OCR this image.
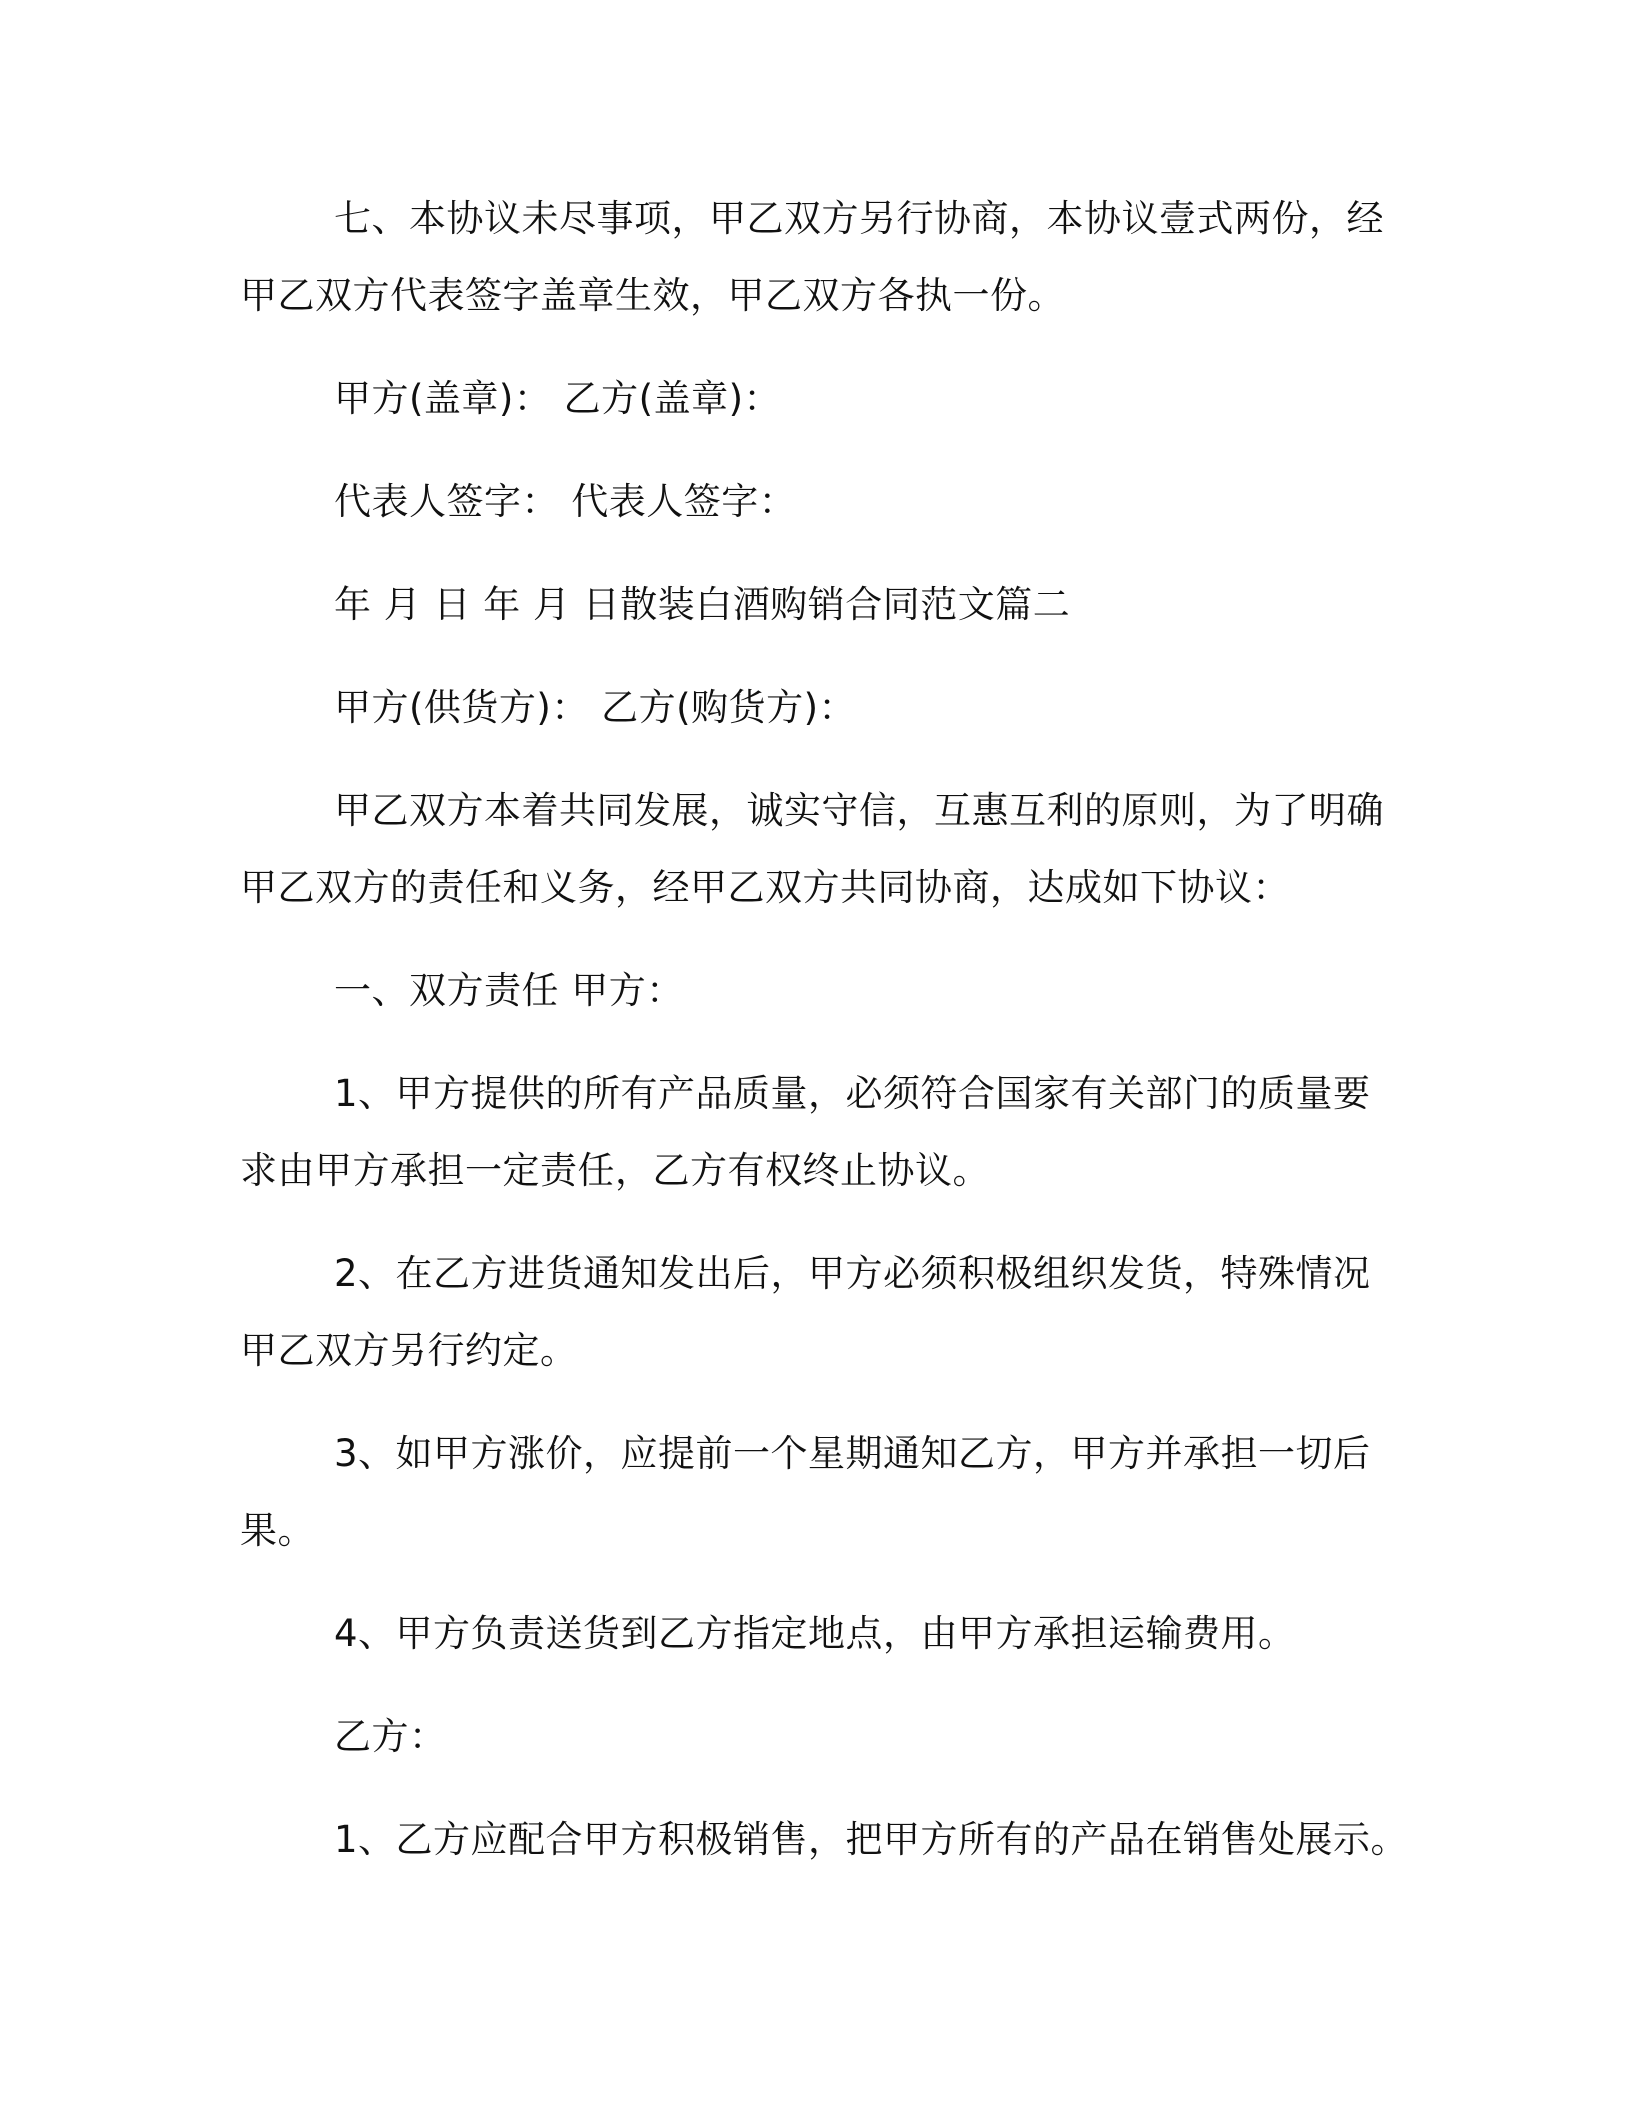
七、本协议未尽事项，甲乙双方另行协商，本协议壹式两份，经
甲乙双方代表签字盖章生效，甲乙双方各执一份。
甲方(盖章)： 乙方(盖章)：
代表人签字： 代表人签字：
年 月 日 年 月 日散装白酒购销合同范文篇二
甲方(供货方)： 乙方(购货方)：
甲乙双方本着共同发展，诚实守信，互惠互利的原则，为了明确
甲乙双方的责任和义务，经甲乙双方共同协商，达成如下协议：
一、双方责任 甲方：
1、甲方提供的所有产品质量，必须符合国家有关部门的质量要
求由甲方承担一定责任，乙方有权终止协议。
2、在乙方进货通知发出后，甲方必须积极组织发货，特殊情况
甲乙双方另行约定。
3、如甲方涨价，应提前一个星期通知乙方，甲方并承担一切后
果。
4、甲方负责送货到乙方指定地点，由甲方承担运输费用。
乙方：
1、乙方应配合甲方积极销售，把甲方所有的产品在销售处展示。
